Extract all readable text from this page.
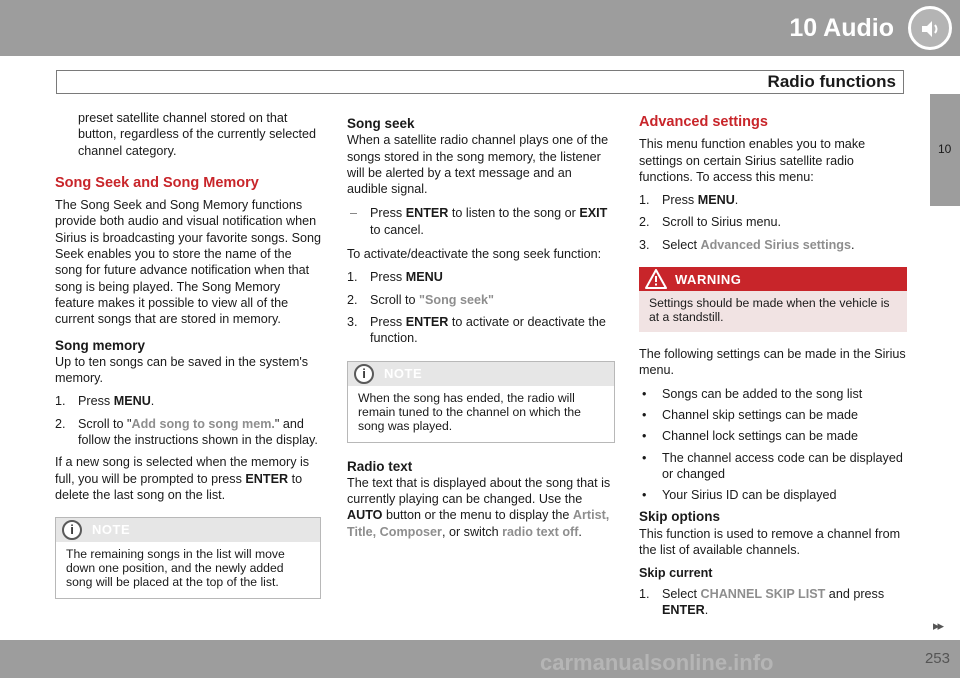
10 Audio
Radio functions
10

preset satellite channel stored on that button, regardless of the currently selected channel category.

Song Seek and Song Memory

The Song Seek and Song Memory functions provide both audio and visual notification when Sirius is broadcasting your favorite songs. Song Seek enables you to store the name of the song for future advance notification when that song is being played. The Song Memory feature makes it possible to view all of the current songs that are stored in memory.

Song memory

Up to ten songs can be saved in the system's memory.

1. Press MENU.
2. Scroll to "Add song to song mem." and follow the instructions shown in the display.

If a new song is selected when the memory is full, you will be prompted to press ENTER to delete the last song on the list.

i	NOTE
The remaining songs in the list will move down one position, and the newly added song will be placed at the top of the list.
Song seek

When a satellite radio channel plays one of the songs stored in the song memory, the listener will be alerted by a text message and an audible signal.

– Press ENTER to listen to the song or EXIT to cancel.

To activate/deactivate the song seek function:

1. Press MENU
2. Scroll to "Song seek"
3. Press ENTER to activate or deactivate the function.
i	NOTE
When the song has ended, the radio will remain tuned to the channel on which the song was played.
Radio text

The text that is displayed about the song that is currently playing can be changed. Use the AUTO button or the menu to display the Artist, Title, Composer, or switch radio text off.

Advanced settings

This menu function enables you to make settings on certain Sirius satellite radio functions. To access this menu:

1. Press MENU.
2. Scroll to Sirius menu.
3. Select Advanced Sirius settings.
WARNING
Settings should be made when the vehicle is at a standstill.

The following settings can be made in the Sirius menu.

• Songs can be added to the song list
• Channel skip settings can be made
• Channel lock settings can be made
• The channel access code can be displayed or changed
• Your Sirius ID can be displayed
Skip options

This function is used to remove a channel from the list of available channels.

Skip current
1. Select CHANNEL SKIP LIST and press ENTER.
▸▸
carmanualsonline.info	253
